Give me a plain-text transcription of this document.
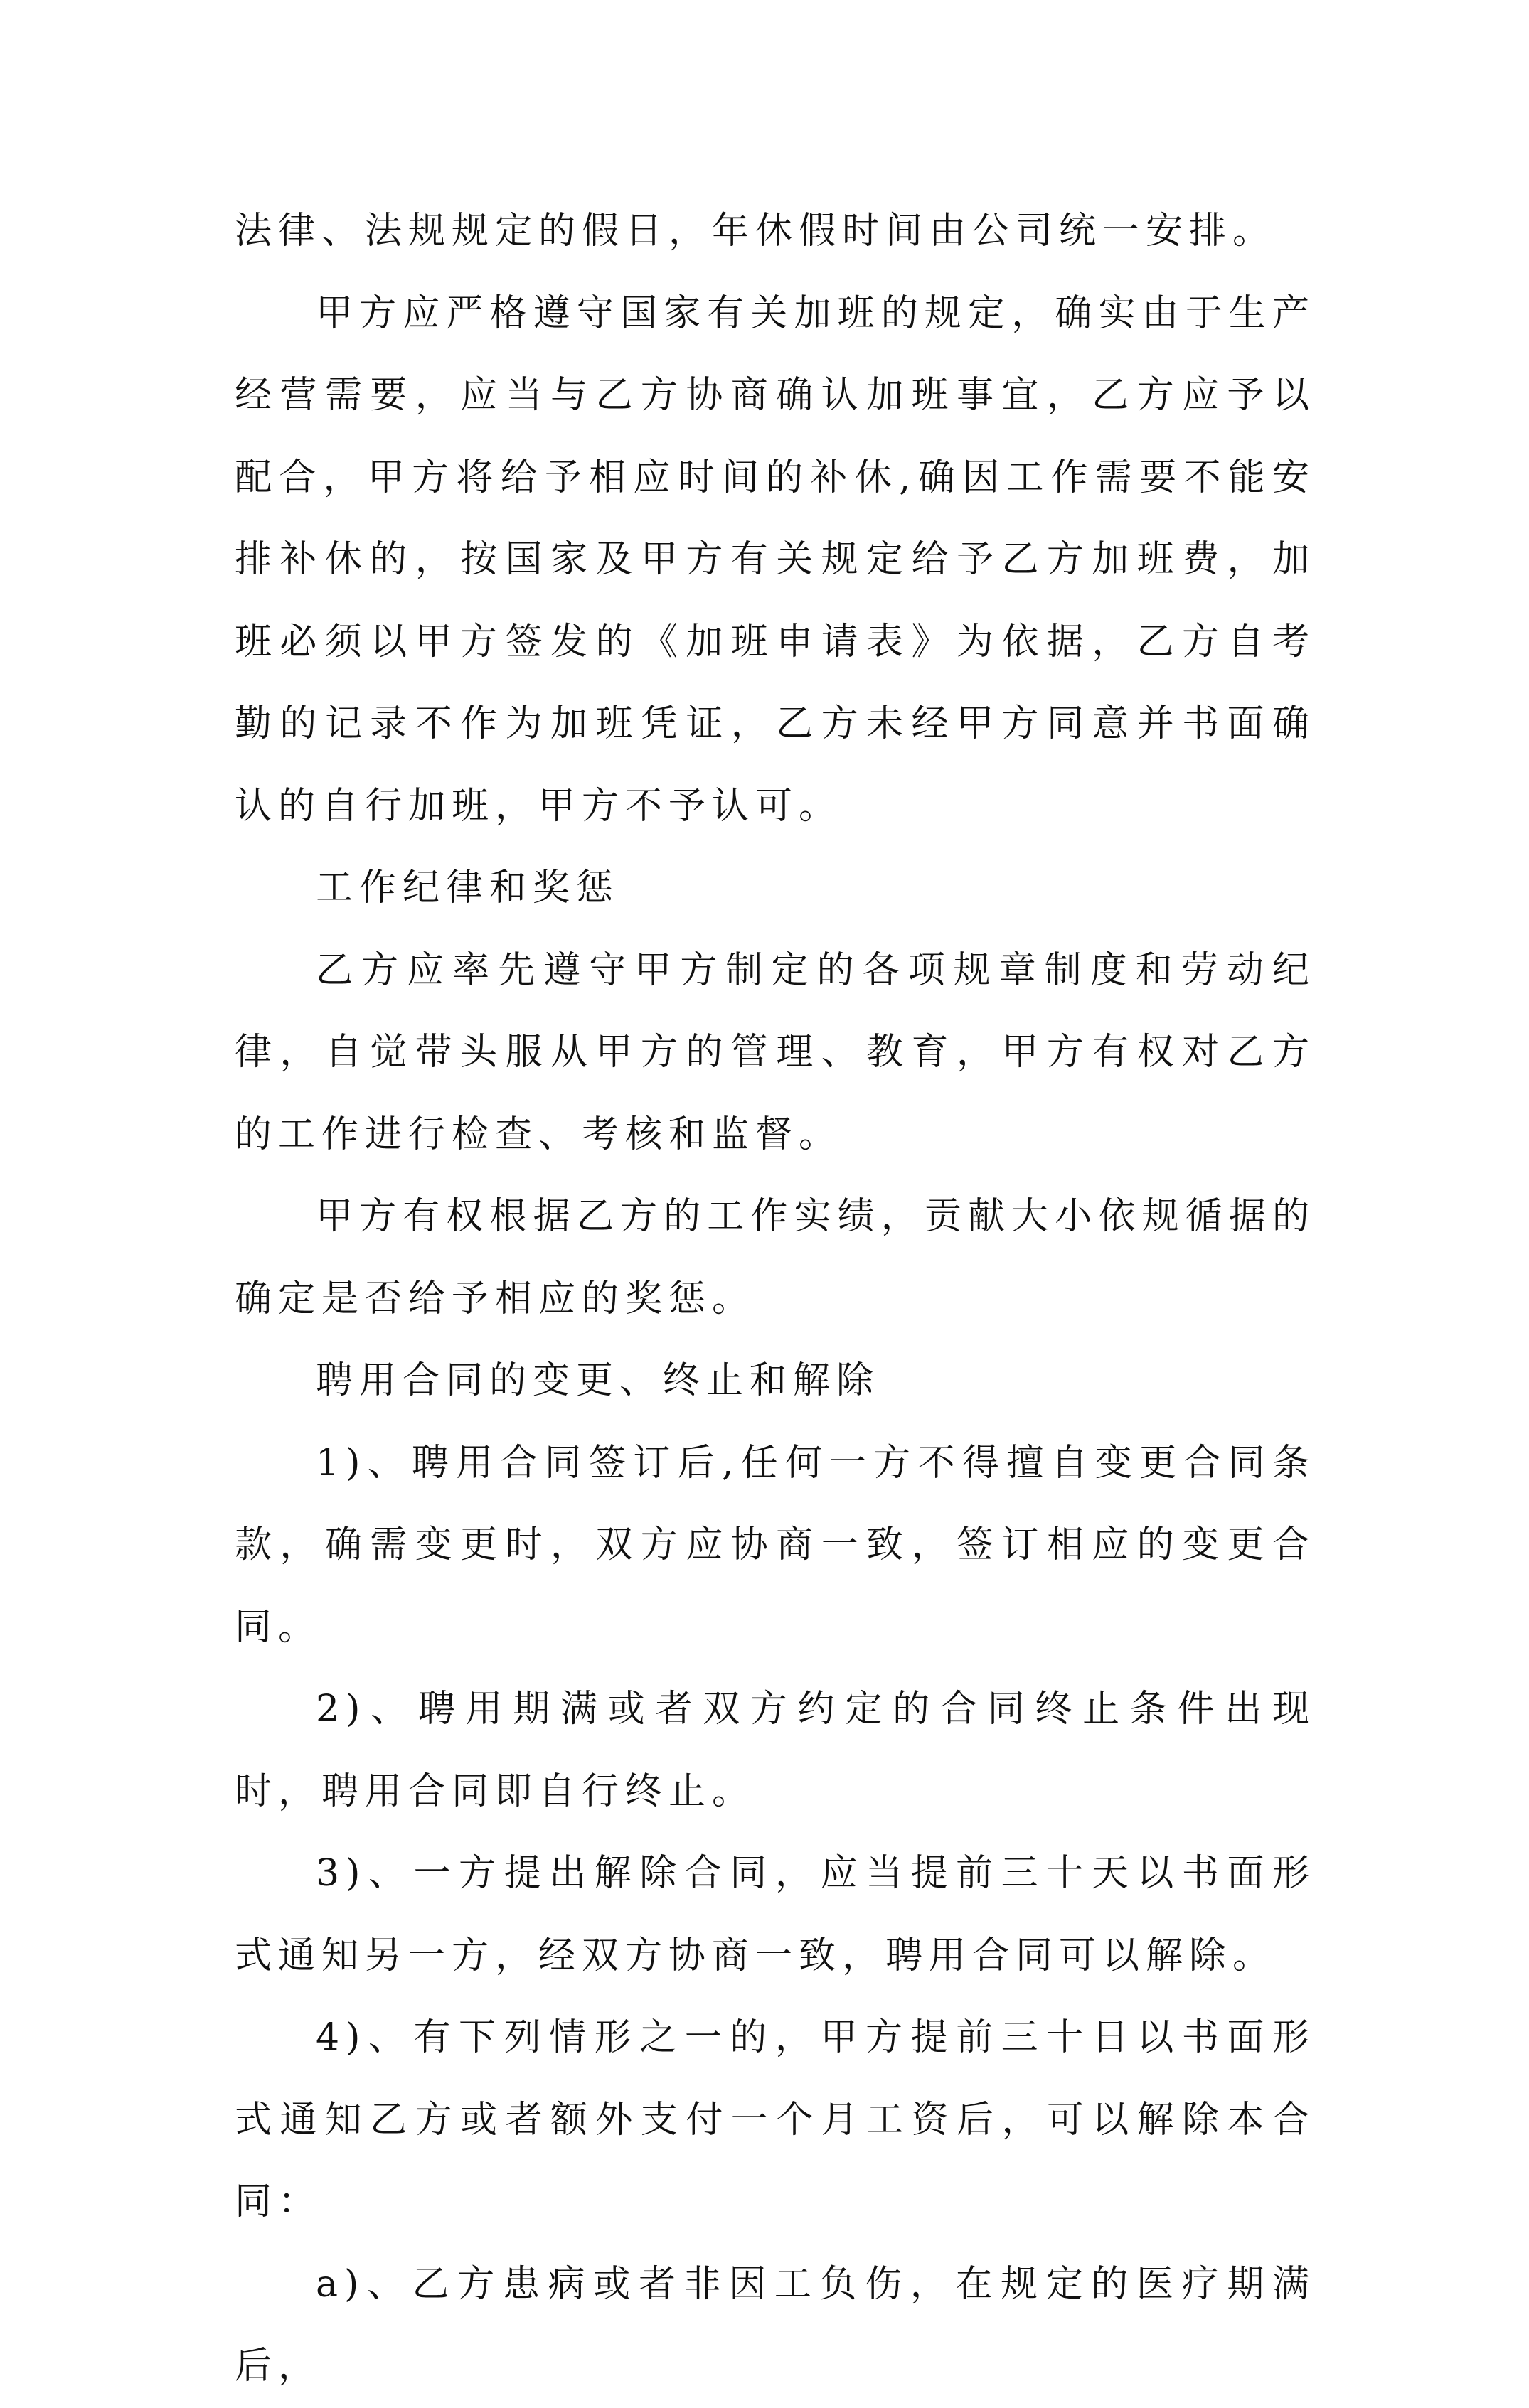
法律、法规规定的假日，年休假时间由公司统一安排。

甲方应严格遵守国家有关加班的规定，确实由于生产经营需要，应当与乙方协商确认加班事宜，乙方应予以配合，甲方将给予相应时间的补休,确因工作需要不能安排补休的，按国家及甲方有关规定给予乙方加班费，加班必须以甲方签发的《加班申请表》为依据，乙方自考勤的记录不作为加班凭证，乙方未经甲方同意并书面确认的自行加班，甲方不予认可。

工作纪律和奖惩

乙方应率先遵守甲方制定的各项规章制度和劳动纪律，自觉带头服从甲方的管理、教育，甲方有权对乙方的工作进行检查、考核和监督。

甲方有权根据乙方的工作实绩，贡献大小依规循据的确定是否给予相应的奖惩。

聘用合同的变更、终止和解除

1)、聘用合同签订后,任何一方不得擅自变更合同条款，确需变更时，双方应协商一致，签订相应的变更合同。

2)、聘用期满或者双方约定的合同终止条件出现时，聘用合同即自行终止。

3)、一方提出解除合同，应当提前三十天以书面形式通知另一方，经双方协商一致，聘用合同可以解除。

4)、有下列情形之一的，甲方提前三十日以书面形式通知乙方或者额外支付一个月工资后，可以解除本合同：

a)、乙方患病或者非因工负伤，在规定的医疗期满后，
